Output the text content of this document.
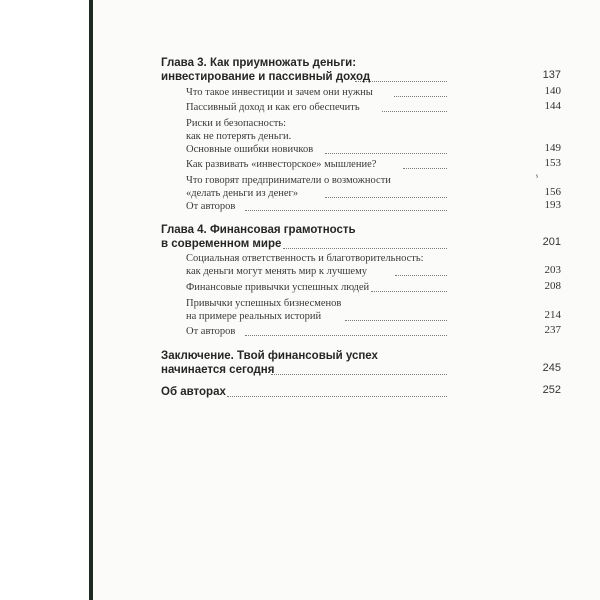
Глава 3. Как приумножать деньги:
инвестирование и пассивный доход	137
Что такое инвестиции и зачем они нужны	140
Пассивный доход и как его обеспечить	144
Риски и безопасность:
как не потерять деньги.
Основные ошибки новичков	149
Как развивать «инвесторское» мышление?	153
Что говорят предприниматели о возможности
«делать деньги из денег»	156
От авторов	193
Глава 4. Финансовая грамотность
в современном мире	201
Социальная ответственность и благотворительность:
как деньги могут менять мир к лучшему	203
Финансовые привычки успешных людей	208
Привычки успешных бизнесменов
на примере реальных историй	214
От авторов	237
Заключение. Твой финансовый успех
начинается сегодня	245
Об авторах	252
ˢ
